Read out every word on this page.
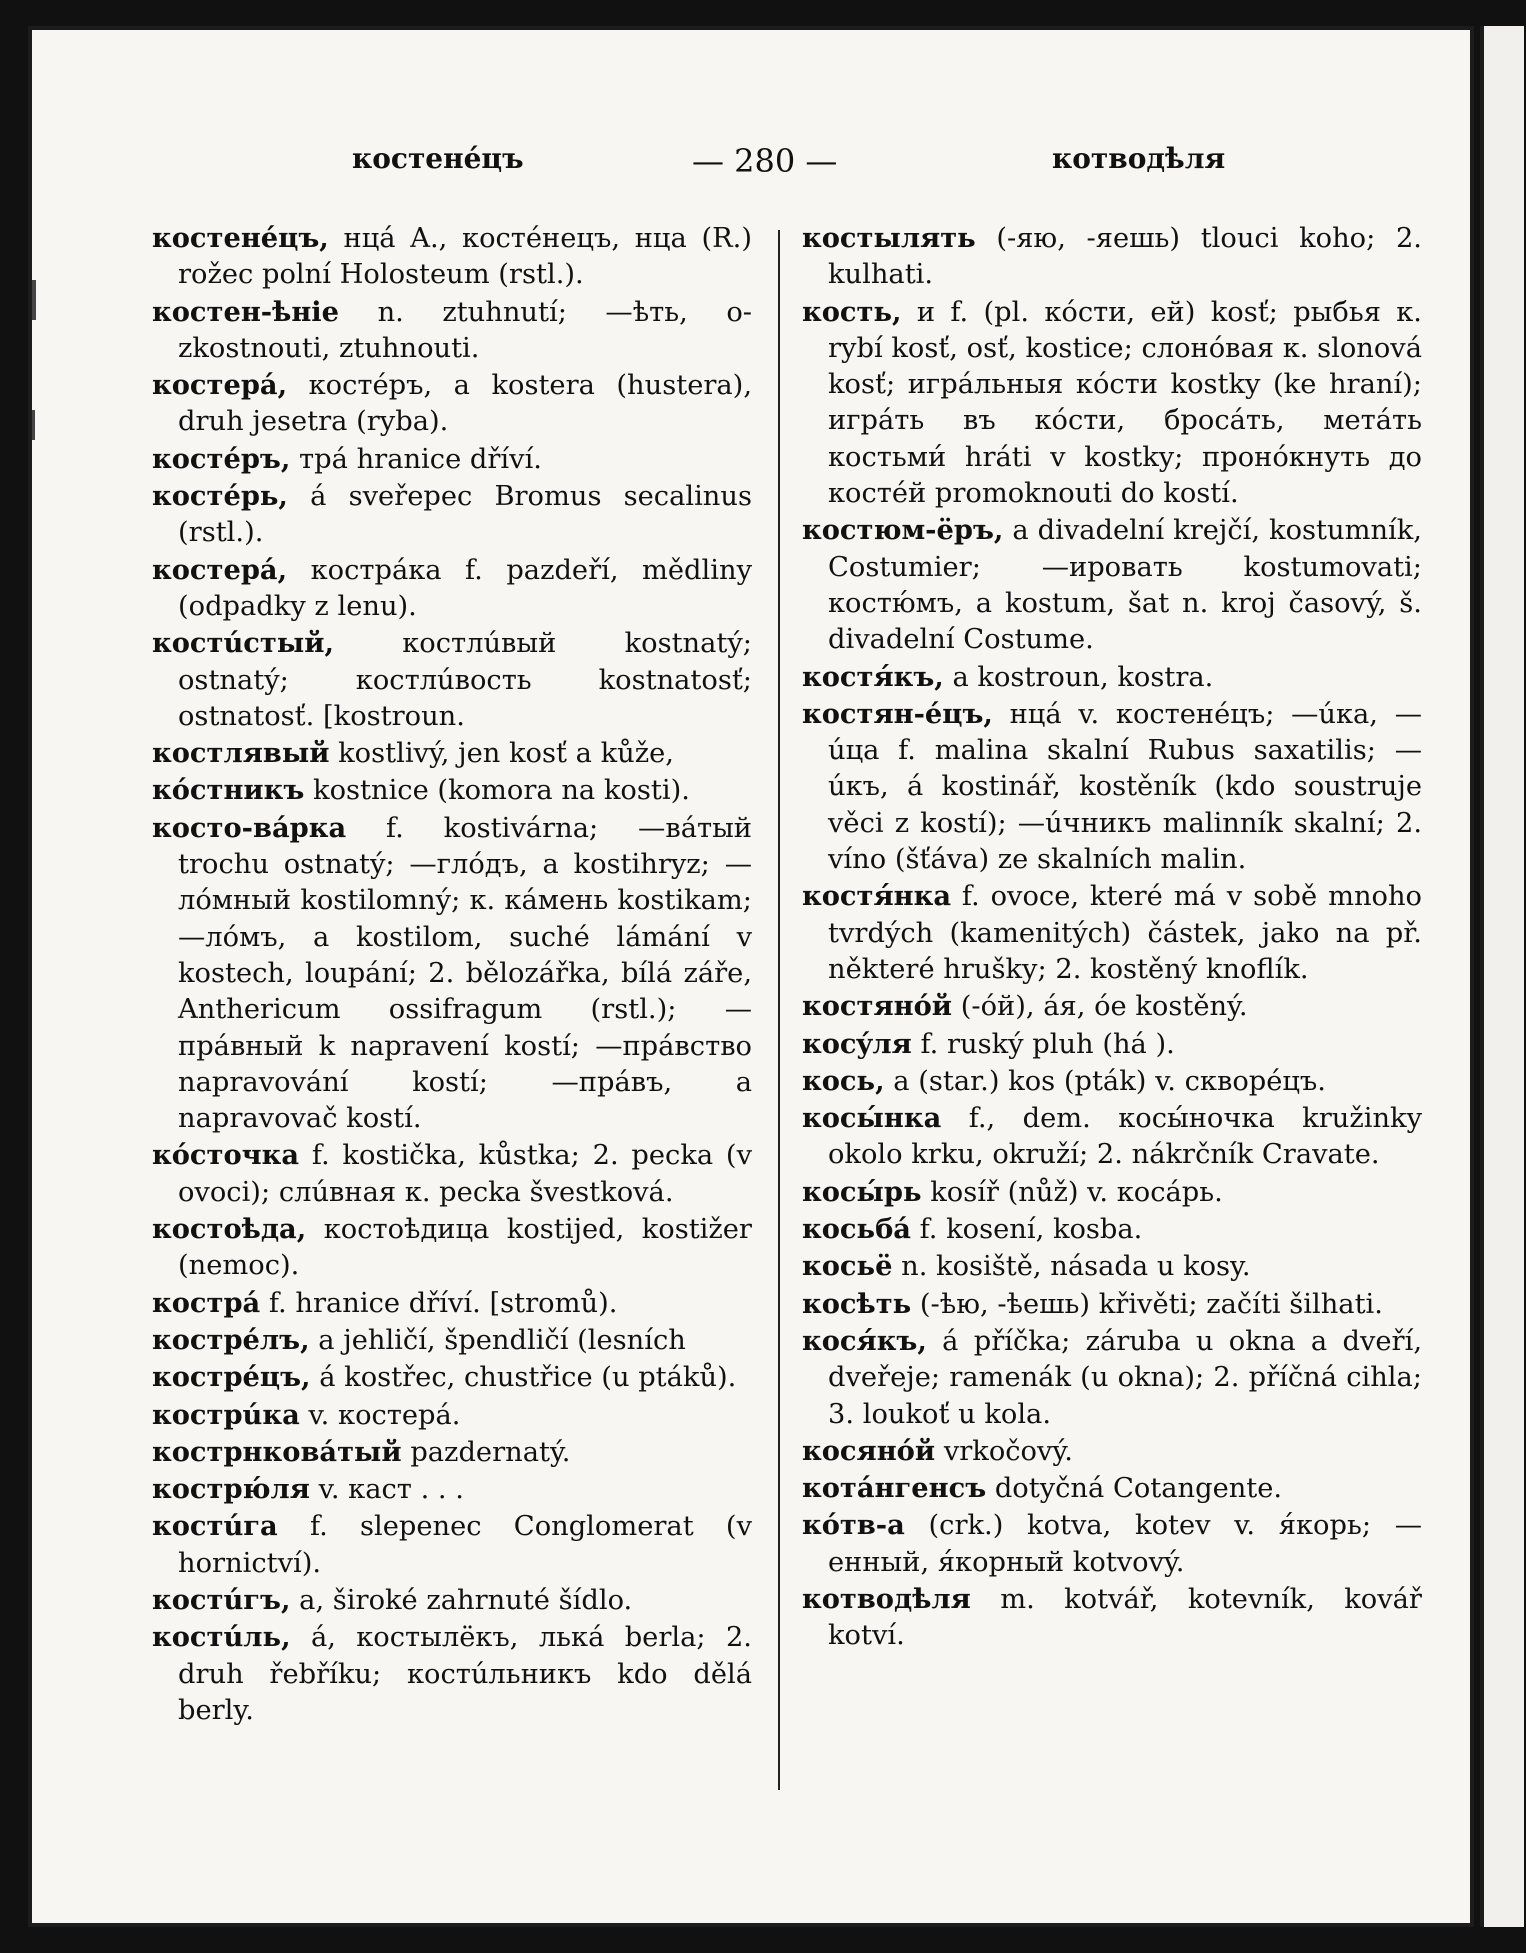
костенéцъ	— 280 —	котводѣля

костенéцъ, нцá A., костéнецъ, нца (R.) rožec polní Holosteum (rstl.).

костен-ѣніе n. ztuhnutí; —ѣть, o-zkostnouti, ztuhnouti.

костерá, костéръ, a kostera (hustera), druh jesetra (ryba).

костéръ, трá hranice dříví.

костéрь, á sveřepec Bromus secalinus (rstl.).

костерá, кострáка f. pazdeří, mědliny (odpadky z lenu).

костúстый,	костлúвый kostnatý; ostnatý; костлúвость kostnatosť; ostnatosť. [kostroun.

костлявый kostlivý, jen kosť a kůže,

кóстникъ kostnice (komora na kosti).

косто-вáрка f. kostivárna; —вáтый trochu ostnatý; —глóдъ, a kostihryz; —лóмный kostilomný; к. кáмень kostikam; —лóмъ, a kostilom, suché lámání v kostech, loupání; 2. bělozářka, bílá záře, Anthericum ossifragum (rstl.); —прáвный k napravení kostí; —прáвство napravování kostí; —прáвъ, a napravovač kostí.

кóсточка f. kostička, kůstka; 2. pecka (v ovoci); слúвная к. pecka švestková.

костоѣда, костоѣдица kostijed, kostižer (nemoc).

кострá f. hranice dříví. [stromů).

кострéлъ, a jehličí, špendličí (lesních

кострéцъ, á kostřec, chustřice (u ptáků).

кострúка v. костерá.

кострнковáтый pazdernatý.

кострю́ля v. каст . . .

костúга f. slepenec Conglomerat (v hornictví).

костúгъ, a, široké zahrnuté šídlo.

костúль, á, костылёкъ, лькá berla; 2. druh řebříku; костúльникъ kdo dělá berly.

костылять (-яю, -яешь) tlouci koho; 2. kulhati.

кость, и f. (pl. кóсти, ей) kosť; рыбья к. rybí kosť, osť, kostice; слонóвая к. slonová kosť; игрáльныя кóсти kostky (ke hraní); игрáть въ кóсти, бросáть, метáть костьми́ hráti v kostky; пронóкнуть до костéй promoknouti do kostí.

костюм-ёръ, a divadelní krejčí, kostumník, Costumier; —ировать kostumovati; костю́мъ, a kostum, šat n. kroj časový, š. divadelní Costume.

костя́къ, a kostroun, kostra.

костян-éцъ, нцá v. костенéцъ; —úка, —úца f. malina skalní Rubus saxatilis; —úкъ, á kostinář, kostěník (kdo soustruje věci z kostí); —úчникъ malinník skalní; 2. víno (šťáva) ze skalních malin.

костя́нка f. ovoce, které má v sobě mnoho tvrdých (kamenitých) částek, jako na př. některé hrušky; 2. kostěný knoflík.

костянóй (-óй), áя, óе kostěný.

косýля f. ruský pluh (há ).

кось, a (star.) kos (pták) v. скворéцъ.

косы́нка f., dem. косы́ночка kružinky okolo krku, okruží; 2. nákrčník Cravate.

косы́рь kosíř (nůž) v. косáрь.

косьбá f. kosení, kosba.

косьё n. kosiště, násada u kosy.

косѣть (-ѣю, -ѣешь) křivěti; začíti šilhati.

кося́къ, á příčka; záruba u okna a dveří, dveřeje; ramenák (u okna); 2. příčná cihla; 3. loukoť u kola.

косянóй vrkočový.

котáнгенсъ dotyčná Cotangente.

кóтв-а (crk.) kotva, kotev v. я́корь; —енный, я́корный kotvový.

котводѣля m. kotvář, kotevník, kovář kotví.
